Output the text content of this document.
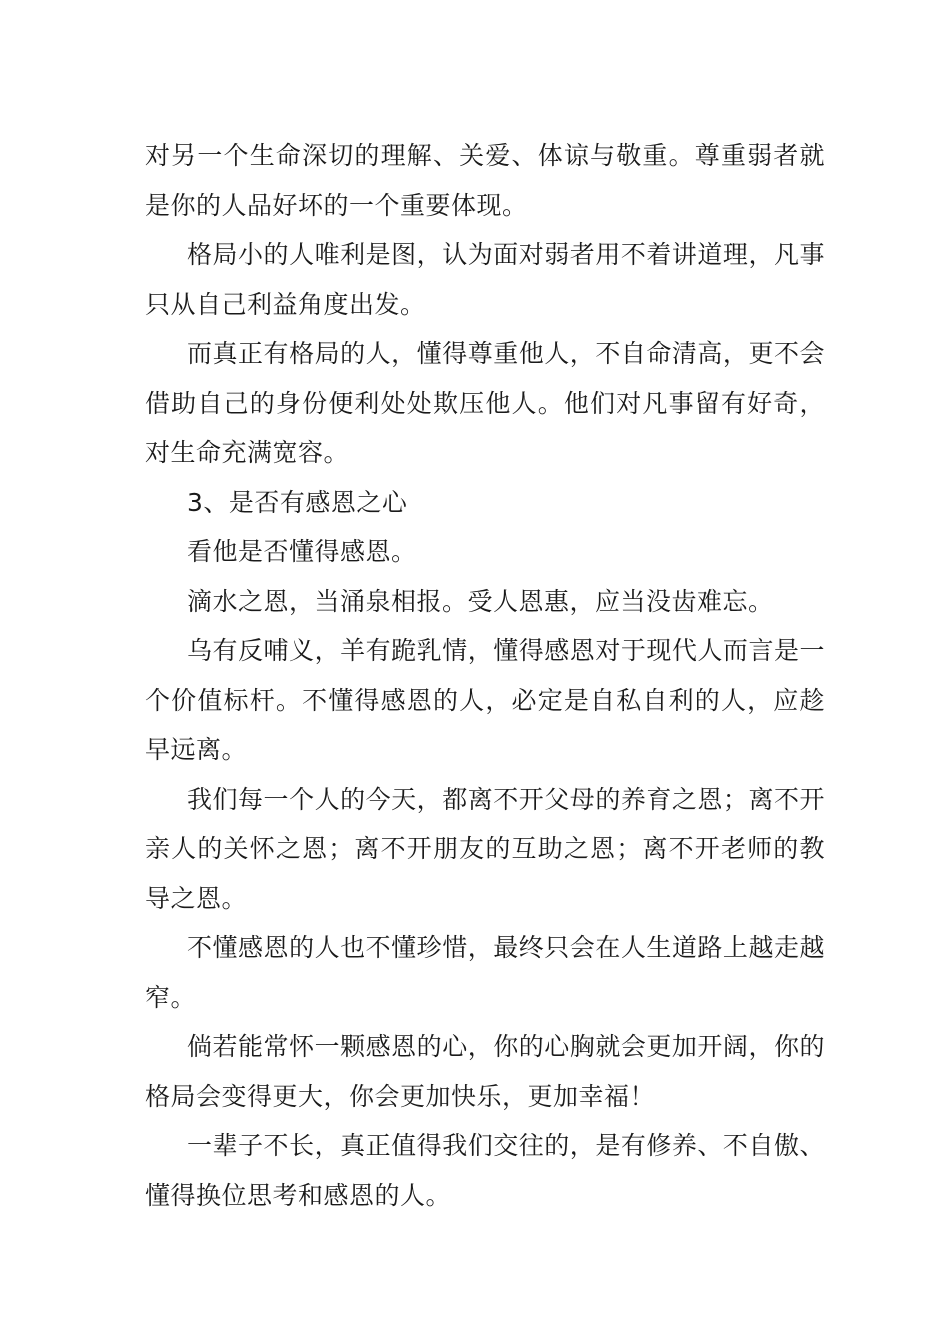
对另一个生命深切的理解、关爱、体谅与敬重。尊重弱者就是你的人品好坏的一个重要体现。

格局小的人唯利是图，认为面对弱者用不着讲道理，凡事只从自己利益角度出发。

而真正有格局的人，懂得尊重他人，不自命清高，更不会借助自己的身份便利处处欺压他人。他们对凡事留有好奇，对生命充满宽容。

3、是否有感恩之心

看他是否懂得感恩。

滴水之恩，当涌泉相报。受人恩惠，应当没齿难忘。

乌有反哺义，羊有跪乳情，懂得感恩对于现代人而言是一个价值标杆。不懂得感恩的人，必定是自私自利的人，应趁早远离。

我们每一个人的今天，都离不开父母的养育之恩；离不开亲人的关怀之恩；离不开朋友的互助之恩；离不开老师的教导之恩。

不懂感恩的人也不懂珍惜，最终只会在人生道路上越走越窄。

倘若能常怀一颗感恩的心，你的心胸就会更加开阔，你的格局会变得更大，你会更加快乐，更加幸福！

一辈子不长，真正值得我们交往的，是有修养、不自傲、懂得换位思考和感恩的人。
